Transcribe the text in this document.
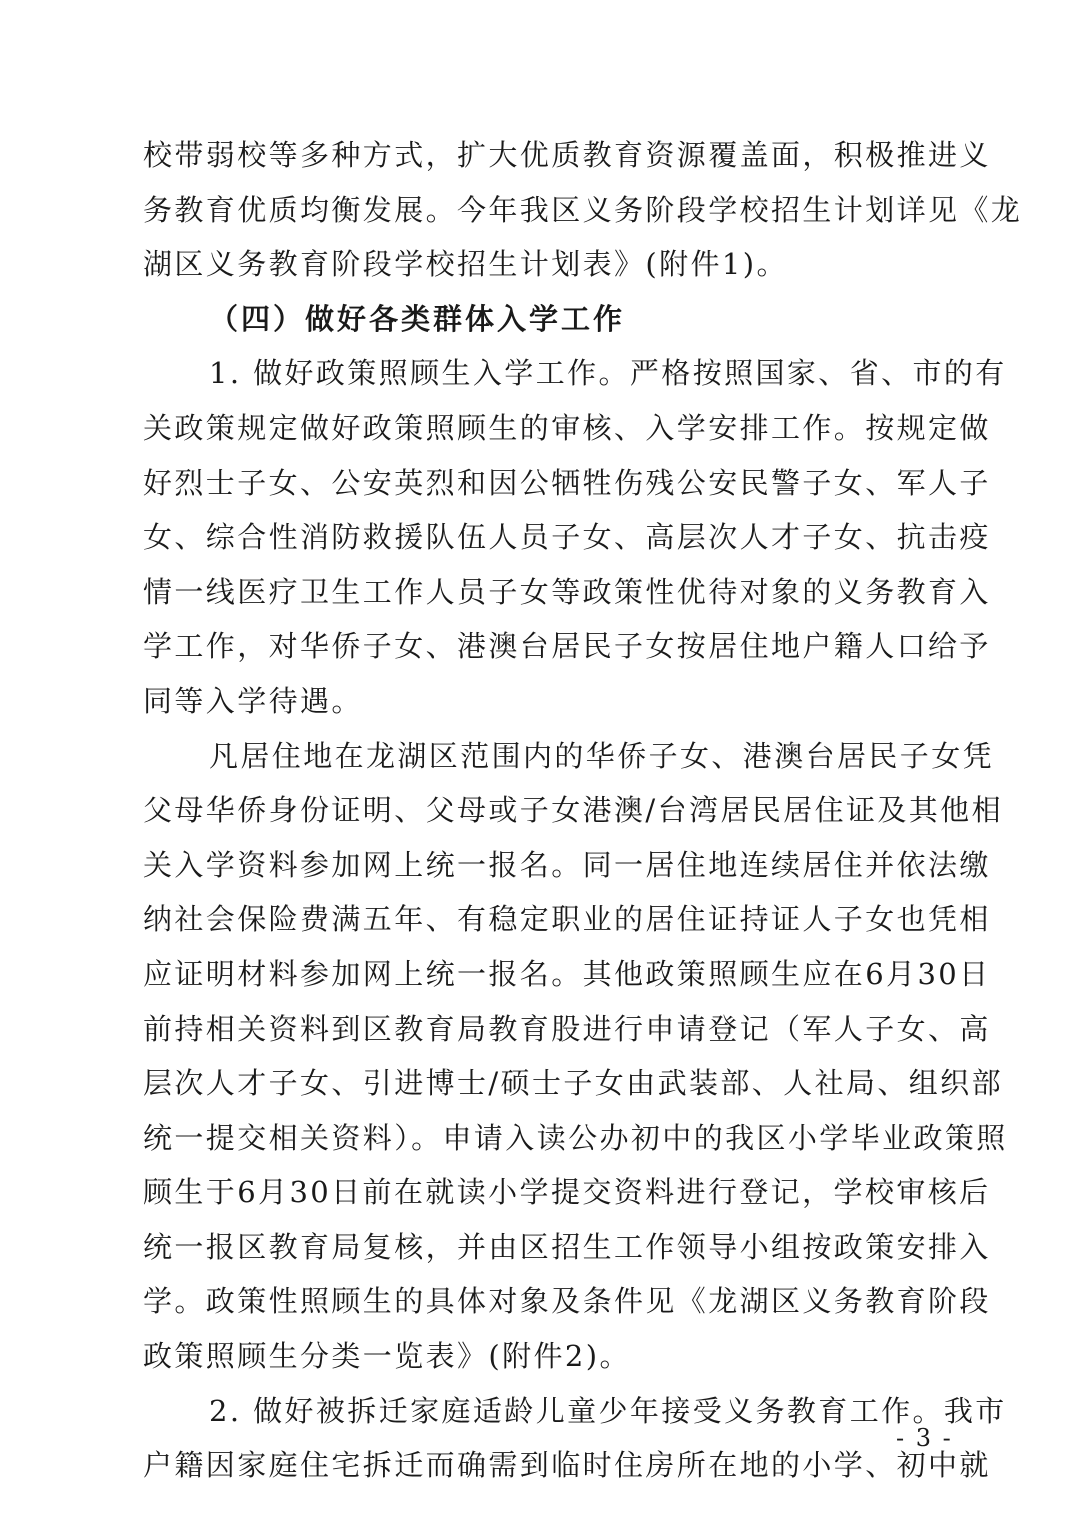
校带弱校等多种方式，扩大优质教育资源覆盖面，积极推进义
务教育优质均衡发展。今年我区义务阶段学校招生计划详见《龙
湖区义务教育阶段学校招生计划表》(附件1)。
（四）做好各类群体入学工作
1. 做好政策照顾生入学工作。严格按照国家、省、市的有
关政策规定做好政策照顾生的审核、入学安排工作。按规定做
好烈士子女、公安英烈和因公牺牲伤残公安民警子女、军人子
女、综合性消防救援队伍人员子女、高层次人才子女、抗击疫
情一线医疗卫生工作人员子女等政策性优待对象的义务教育入
学工作，对华侨子女、港澳台居民子女按居住地户籍人口给予
同等入学待遇。
凡居住地在龙湖区范围内的华侨子女、港澳台居民子女凭
父母华侨身份证明、父母或子女港澳/台湾居民居住证及其他相
关入学资料参加网上统一报名。同一居住地连续居住并依法缴
纳社会保险费满五年、有稳定职业的居住证持证人子女也凭相
应证明材料参加网上统一报名。其他政策照顾生应在6月30日
前持相关资料到区教育局教育股进行申请登记（军人子女、高
层次人才子女、引进博士/硕士子女由武装部、人社局、组织部
统一提交相关资料）。申请入读公办初中的我区小学毕业政策照
顾生于6月30日前在就读小学提交资料进行登记，学校审核后
统一报区教育局复核，并由区招生工作领导小组按政策安排入
学。政策性照顾生的具体对象及条件见《龙湖区义务教育阶段
政策照顾生分类一览表》(附件2)。
2. 做好被拆迁家庭适龄儿童少年接受义务教育工作。我市
户籍因家庭住宅拆迁而确需到临时住房所在地的小学、初中就
- 3 -
